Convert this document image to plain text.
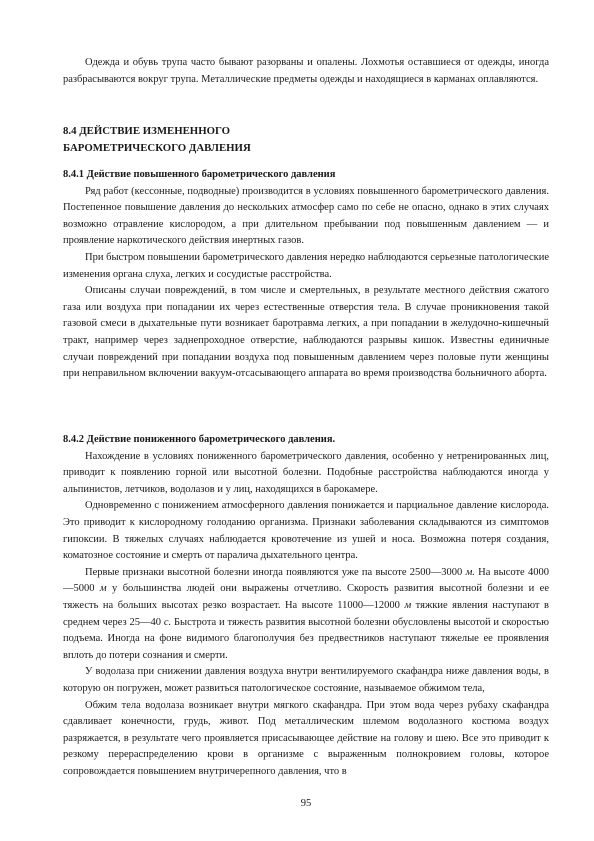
Одежда и обувь трупа часто бывают разорваны и опалены. Лохмотья оставшиеся от одежды, иногда разбрасываются вокруг трупа. Металлические предметы одежды и находящиеся в карманах оплавляются.

8.4 ДЕЙСТВИЕ ИЗМЕНЕННОГО
БАРОМЕТРИЧЕСКОГО ДАВЛЕНИЯ

8.4.1 Действие повышенного барометрического давления

Ряд работ (кессонные, подводные) производится в условиях повышенного барометрического давления. Постепенное повышение давления до нескольких атмосфер само по себе не опасно, однако в этих случаях возможно отравление кислородом, а при длительном пребывании под повышенным давлением — и проявление наркотического действия инертных газов.

При быстром повышении барометрического давления нередко наблюдаются серьезные патологические изменения органа слуха, легких и сосудистые расстройства.

Описаны случаи повреждений, в том числе и смертельных, в результате местного действия сжатого газа или воздуха при попадании их через естественные отверстия тела. В случае проникновения такой газовой смеси в дыхательные пути возникает баротравма легких, а при попадании в желудочно-кишечный тракт, например через заднепроходное отверстие, наблюдаются разрывы кишок. Известны единичные случаи повреждений при попадании воздуха под повышенным давлением через половые пути женщины при неправильном включении вакуум-отсасывающего аппарата во время производства больничного аборта.

8.4.2 Действие пониженного барометрического давления.

Нахождение в условиях пониженного барометрического давления, особенно у нетренированных лиц, приводит к появлению горной или высотной болезни. Подобные расстройства наблюдаются иногда у альпинистов, летчиков, водолазов и у лиц, находящихся в барокамере.

Одновременно с понижением атмосферного давления понижается и парциальное давление кислорода. Это приводит к кислородному голоданию организма. Признаки заболевания складываются из симптомов гипоксии. В тяжелых случаях наблюдается кровотечение из ушей и носа. Возможна потеря создания, коматозное состояние и смерть от паралича дыхательного центра.

Первые признаки высотной болезни иногда появляются уже па высоте 2500—3000 м. На высоте 4000—5000 м у большинства людей они выражены отчетливо. Скорость развития высотной болезни и ее тяжесть на больших высотах резко возрастает. На высоте 11000—12000 м тяжкие явления наступают в среднем через 25—40 с. Быстрота и тяжесть развития высотной болезни обусловлены высотой и скоростью подъема. Иногда на фоне видимого благополучия без предвестников наступают тяжелые ее проявления вплоть до потери сознания и смерти.

У водолаза при снижении давления воздуха внутри вентилируемого скафандра ниже давления воды, в которую он погружен, может развиться патологическое состояние, называемое обжимом тела,

Обжим тела водолаза возникает внутри мягкого скафандра. При этом вода через рубаху скафандра сдавливает конечности, грудь, живот. Под металлическим шлемом водолазного костюма воздух разряжается, в результате чего проявляется присасывающее действие на голову и шею. Все это приводит к резкому перераспределению крови в организме с выраженным полнокровием головы, которое сопровождается повышением внутричерепного давления, что в

95
